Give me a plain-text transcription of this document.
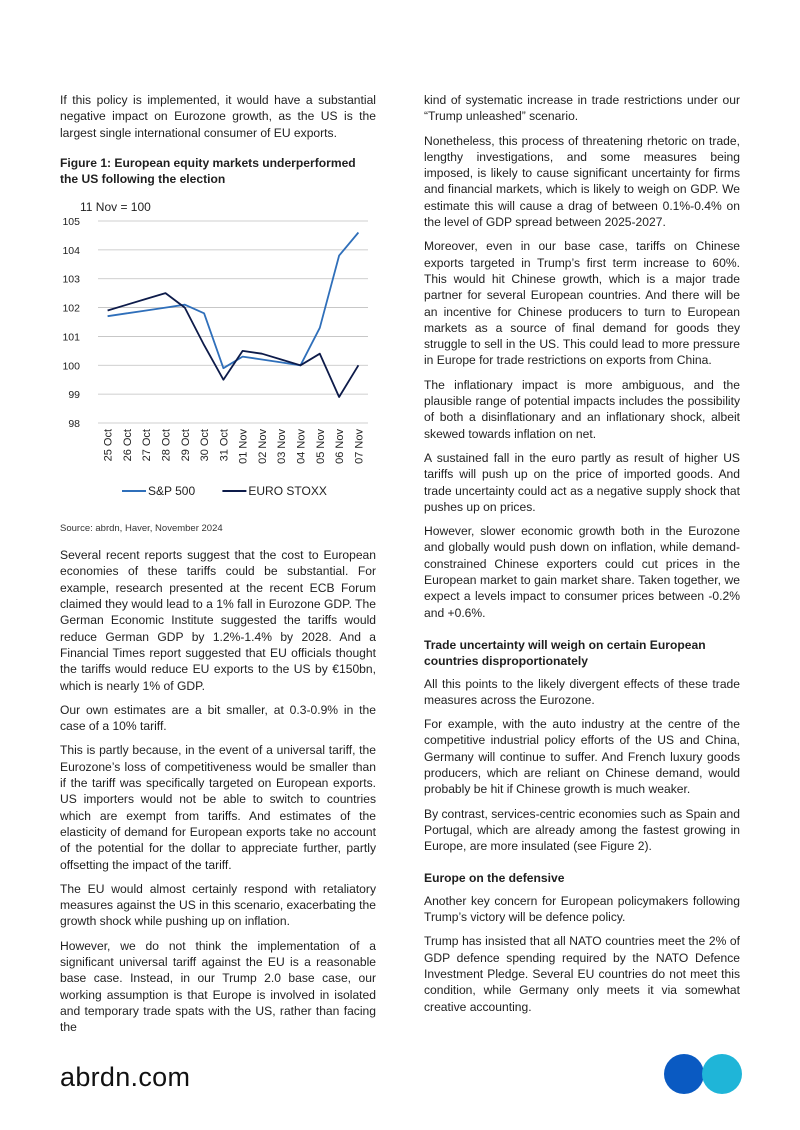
If this policy is implemented, it would have a substantial negative impact on Eurozone growth, as the US is the largest single international consumer of EU exports.

Figure 1: European equity markets underperformed the US following the election
11 Nov = 100
98
99
100
101
102
103
104
105
25 Oct 26 Oct 27 Oct 28 Oct 29 Oct 30 Oct 31 Oct 01 Nov 02 Nov 03 Nov 04 Nov 05 Nov 06 Nov 07 Nov
S&P 500	EURO STOXX
Source: abrdn, Haver, November 2024

Several recent reports suggest that the cost to European economies of these tariffs could be substantial. For example, research presented at the recent ECB Forum claimed they would lead to a 1% fall in Eurozone GDP. The German Economic Institute suggested the tariffs would reduce German GDP by 1.2%-1.4% by 2028. And a Financial Times report suggested that EU officials thought the tariffs would reduce EU exports to the US by €150bn, which is nearly 1% of GDP.

Our own estimates are a bit smaller, at 0.3-0.9% in the case of a 10% tariff.

This is partly because, in the event of a universal tariff, the Eurozone’s loss of competitiveness would be smaller than if the tariff was specifically targeted on European exports. US importers would not be able to switch to countries which are exempt from tariffs. And estimates of the elasticity of demand for European exports take no account of the potential for the dollar to appreciate further, partly offsetting the impact of the tariff.

The EU would almost certainly respond with retaliatory measures against the US in this scenario, exacerbating the growth shock while pushing up on inflation.

However, we do not think the implementation of a significant universal tariff against the EU is a reasonable base case. Instead, in our Trump 2.0 base case, our working assumption is that Europe is involved in isolated and temporary trade spats with the US, rather than facing the

kind of systematic increase in trade restrictions under our “Trump unleashed” scenario.

Nonetheless, this process of threatening rhetoric on trade, lengthy investigations, and some measures being imposed, is likely to cause significant uncertainty for firms and financial markets, which is likely to weigh on GDP. We estimate this will cause a drag of between 0.1%-0.4% on the level of GDP spread between 2025-2027.

Moreover, even in our base case, tariffs on Chinese exports targeted in Trump’s first term increase to 60%. This would hit Chinese growth, which is a major trade partner for several European countries. And there will be an incentive for Chinese producers to turn to European markets as a source of final demand for goods they struggle to sell in the US. This could lead to more pressure in Europe for trade restrictions on exports from China.

The inflationary impact is more ambiguous, and the plausible range of potential impacts includes the possibility of both a disinflationary and an inflationary shock, albeit skewed towards inflation on net.

A sustained fall in the euro partly as result of higher US tariffs will push up on the price of imported goods. And trade uncertainty could act as a negative supply shock that pushes up on prices.

However, slower economic growth both in the Eurozone and globally would push down on inflation, while demand-constrained Chinese exporters could cut prices in the European market to gain market share. Taken together, we expect a levels impact to consumer prices between -0.2% and +0.6%.

Trade uncertainty will weigh on certain European countries disproportionately

All this points to the likely divergent effects of these trade measures across the Eurozone.

For example, with the auto industry at the centre of the competitive industrial policy efforts of the US and China, Germany will continue to suffer. And French luxury goods producers, which are reliant on Chinese demand, would probably be hit if Chinese growth is much weaker.

By contrast, services-centric economies such as Spain and Portugal, which are already among the fastest growing in Europe, are more insulated (see Figure 2).

Europe on the defensive

Another key concern for European policymakers following Trump’s victory will be defence policy.

Trump has insisted that all NATO countries meet the 2% of GDP defence spending required by the NATO Defence Investment Pledge. Several EU countries do not meet this condition, while Germany only meets it via somewhat creative accounting.

abrdn.com
